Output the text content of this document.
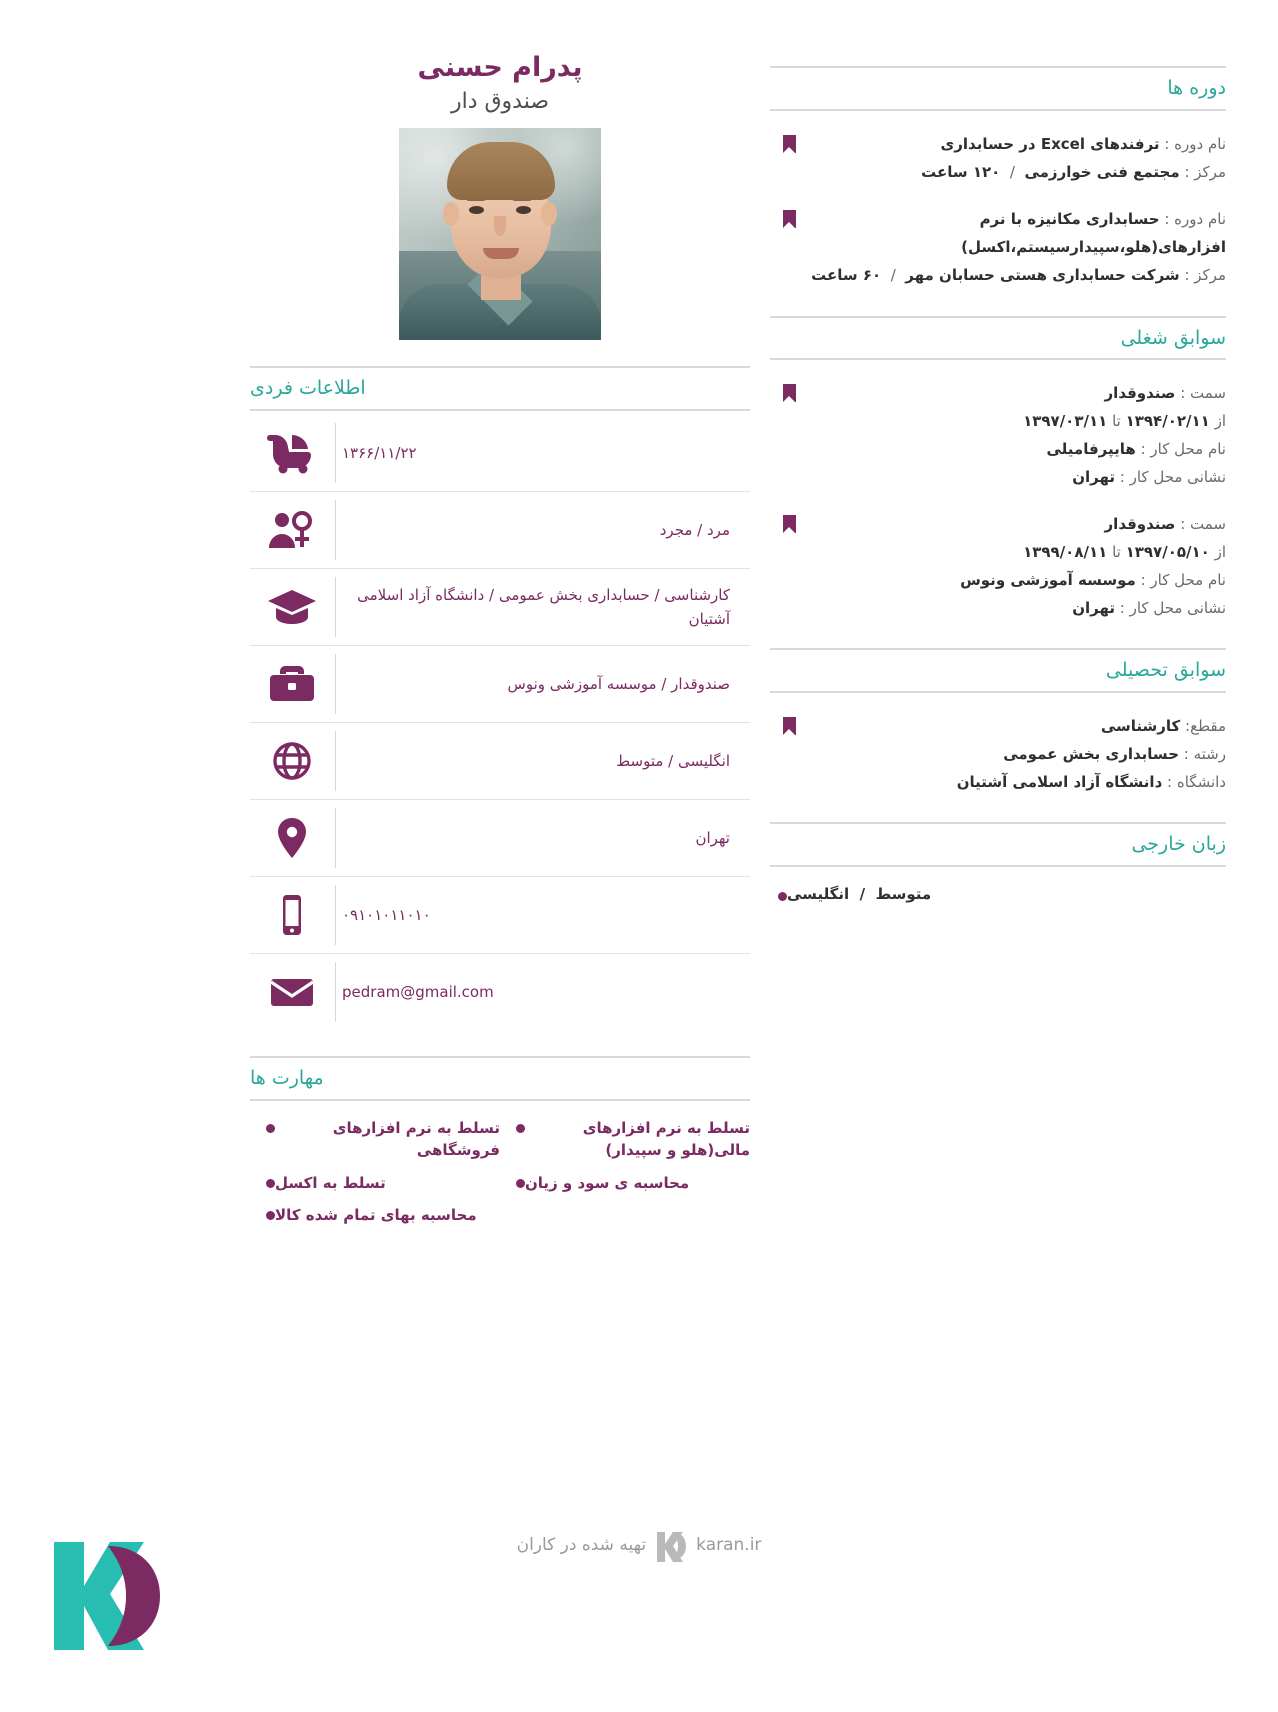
دوره ها
نام دوره : ترفندهای Excel در حسابداری
مرکز : مجتمع فنی خوارزمی  /  ۱۲۰ ساعت
نام دوره : حسابداری مکانیزه با نرم افزارهای(هلو،سپیدارسیستم،اکسل)
مرکز : شرکت حسابداری هستی حسابان مهر  /  ۶۰ ساعت
سوابق شغلی
سمت : صندوقدار
از ۱۳۹۴/۰۲/۱۱ تا ۱۳۹۷/۰۳/۱۱
نام محل کار : هایپرفامیلی
نشانی محل کار : تهران
سمت : صندوقدار
از ۱۳۹۷/۰۵/۱۰ تا ۱۳۹۹/۰۸/۱۱
نام محل کار : موسسه آموزشی ونوس
نشانی محل کار : تهران
سوابق تحصیلی
مقطع: کارشناسی
رشته : حسابداری بخش عمومی
دانشگاه : دانشگاه آزاد اسلامی آشتیان
زبان خارجی
انگلیسی / متوسط
پدرام حسنی
صندوق دار
اطلاعات فردی
۱۳۶۶/۱۱/۲۲
مرد / مجرد
کارشناسی / حسابداری بخش عمومی / دانشگاه آزاد اسلامی آشتیان
صندوقدار / موسسه آموزشی ونوس
انگلیسی / متوسط
تهران
۰۹۱۰۱۰۱۱۰۱۰
pedram@gmail.com
مهارت ها
تسلط به نرم افزارهای مالی(هلو و سپیدار)
محاسبه ی سود و زیان
تسلط به نرم افزارهای فروشگاهی
تسلط به اکسل
محاسبه بهای تمام شده کالا
تهیه شده در کاران	karan.ir
